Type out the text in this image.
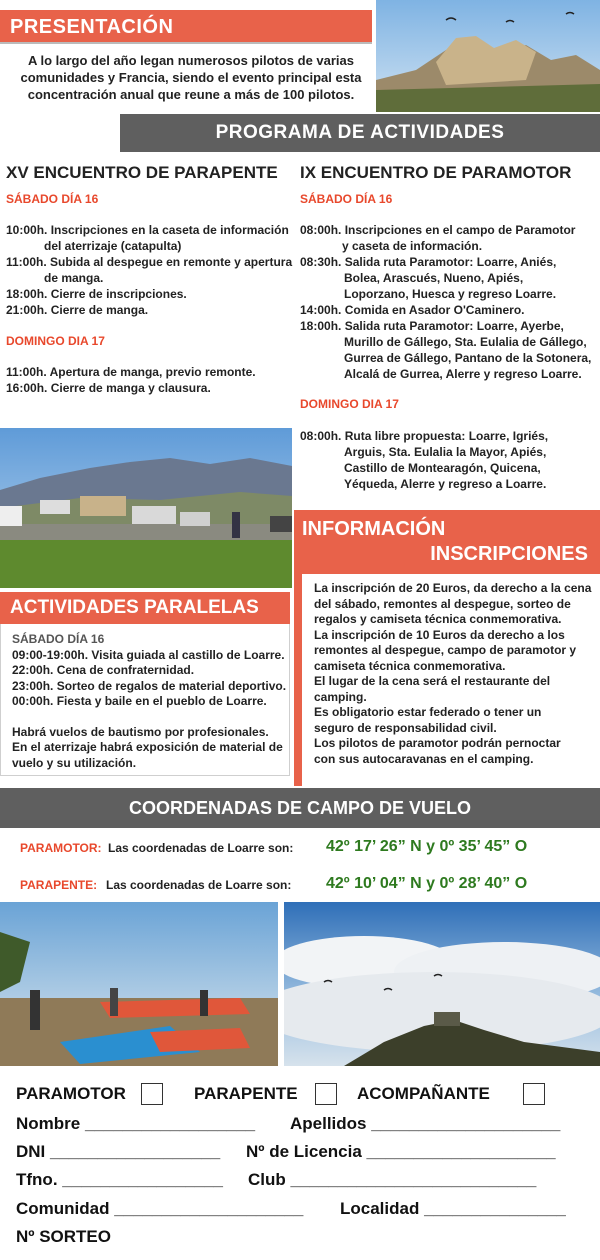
PRESENTACIÓN
A lo largo del año legan numerosos pilotos de varias comunidades y Francia, siendo el evento principal esta concentración anual que reune a más de 100 pilotos.
PROGRAMA DE ACTIVIDADES
XV ENCUENTRO DE PARAPENTE
SÁBADO DÍA 16
10:00h. Inscripciones en la caseta de información
del aterrizaje (catapulta)
11:00h. Subida al despegue en remonte y apertura
de manga.
18:00h. Cierre de inscripciones.
21:00h. Cierre de manga.
DOMINGO DIA 17
11:00h. Apertura de manga, previo remonte.
16:00h. Cierre de manga y clausura.
IX ENCUENTRO DE PARAMOTOR
SÁBADO DÍA 16
08:00h. Inscripciones en el campo de Paramotor
y caseta de información.
08:30h. Salida ruta Paramotor: Loarre, Aniés,
Bolea, Arascués, Nueno, Apiés,
Loporzano, Huesca y regreso Loarre.
14:00h. Comida en Asador O'Caminero.
18:00h. Salida ruta Paramotor: Loarre, Ayerbe,
Murillo de Gállego, Sta. Eulalia de Gállego,
Gurrea de Gállego, Pantano de la Sotonera,
Alcalá de Gurrea, Alerre y regreso Loarre.
DOMINGO DIA 17
08:00h. Ruta libre propuesta: Loarre, Igriés,
Arguis, Sta. Eulalia la Mayor, Apiés,
Castillo de Montearagón, Quicena,
Yéqueda, Alerre y regreso a Loarre.
INFORMACIÓN
INSCRIPCIONES
La inscripción de 20 Euros, da derecho a la cena
del sábado, remontes al despegue, sorteo de
regalos y camiseta técnica conmemorativa.
La inscripción de 10 Euros da derecho a los
remontes al despegue, campo de paramotor y
camiseta técnica conmemorativa.
El lugar de la cena será el restaurante del
camping.
Es obligatorio estar federado o tener un
seguro de responsabilidad civil.
Los pilotos de paramotor podrán pernoctar
con sus autocaravanas en el camping.
ACTIVIDADES PARALELAS
SÁBADO DÍA 16
09:00-19:00h. Visita guiada al castillo de Loarre.
22:00h. Cena de confraternidad.
23:00h. Sorteo de regalos de material deportivo.
00:00h. Fiesta y baile en el pueblo de Loarre.
Habrá vuelos de bautismo por profesionales.
En el aterrizaje habrá exposición de material de
vuelo y su utilización.
COORDENADAS DE CAMPO DE VUELO
PARAMOTOR: Las coordenadas de Loarre son: 42º 17’ 26” N y 0º 35’ 45” O
PARAPENTE: Las coordenadas de Loarre son: 42º 10’ 04” N y 0º 28’ 40” O
PARAMOTOR	PARAPENTE	ACOMPAÑANTE
Nombre __________________ Apellidos ____________________
DNI __________________ Nº de Licencia ____________________
Tfno. _________________ Club __________________________
Comunidad ____________________ Localidad _______________
Nº SORTEO
